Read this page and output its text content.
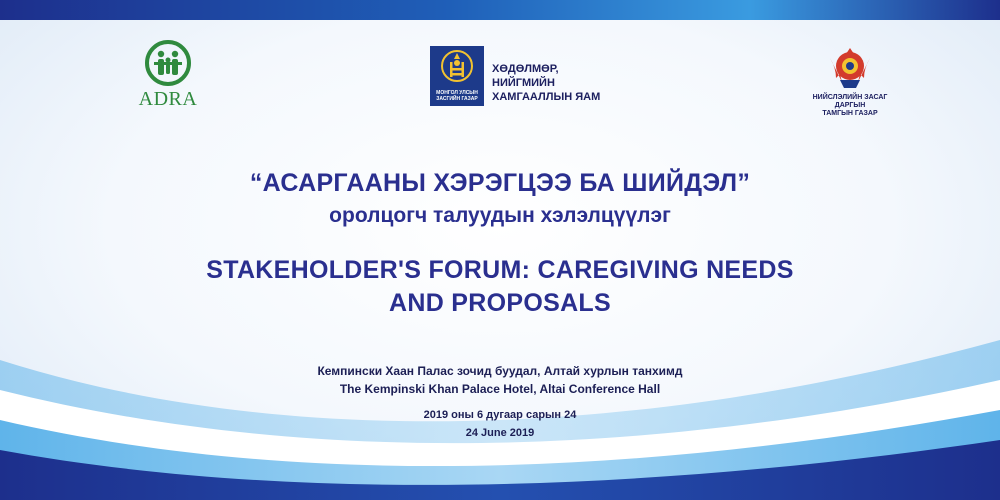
ADRA	МОНГОЛ УЛСЫН ЗАСГИЙН ГАЗАР
ХӨДӨЛМӨР,
НИЙГМИЙН
ХАМГААЛЛЫН ЯАМ	НИЙСЛЭЛИЙН ЗАСАГ ДАРГЫН
ТАМГЫН ГАЗАР
“АСАРГААНЫ ХЭРЭГЦЭЭ БА ШИЙДЭЛ”
оролцогч талуудын хэлэлцүүлэг
STAKEHOLDER'S FORUM: CAREGIVING NEEDS
AND PROPOSALS
Кемпински Хаан Палас зочид буудал, Алтай хурлын танхимд
The Kempinski Khan Palace Hotel, Altai Conference Hall
2019 оны 6 дугаар сарын 24
24 June 2019
